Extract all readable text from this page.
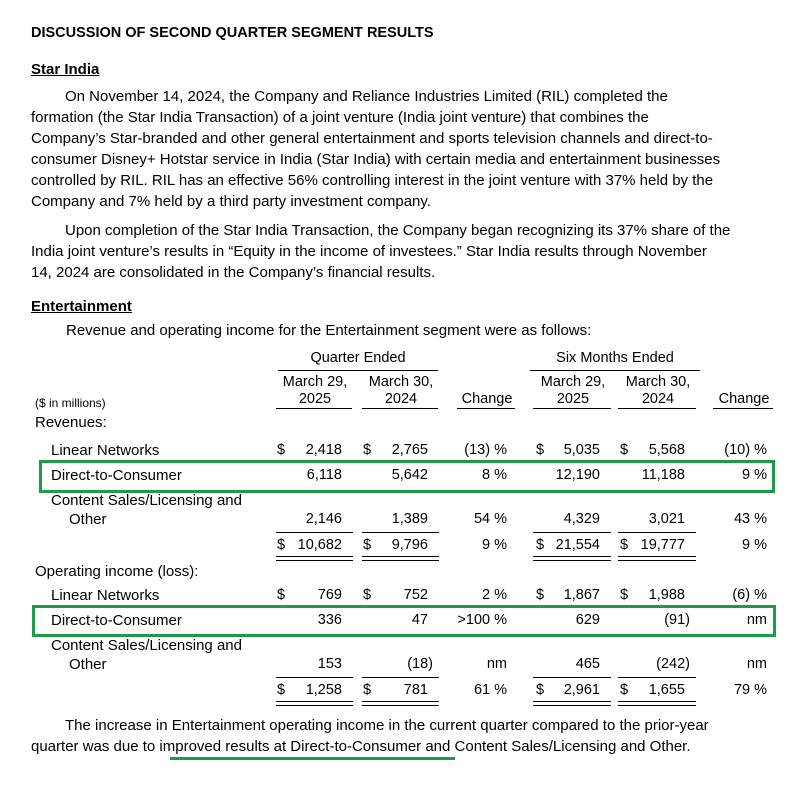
DISCUSSION OF SECOND QUARTER SEGMENT RESULTS
Star India
On November 14, 2024, the Company and Reliance Industries Limited (RIL) completed the
formation (the Star India Transaction) of a joint venture (India joint venture) that combines the
Company’s Star-branded and other general entertainment and sports television channels and direct-to-
consumer Disney+ Hotstar service in India (Star India) with certain media and entertainment businesses
controlled by RIL. RIL has an effective 56% controlling interest in the joint venture with 37% held by the
Company and 7% held by a third party investment company.
Upon completion of the Star India Transaction, the Company began recognizing its 37% share of the
India joint venture’s results in “Equity in the income of investees.” Star India results through November
14, 2024 are consolidated in the Company’s financial results.
Entertainment
Revenue and operating income for the Entertainment segment were as follows:
Quarter Ended	Six Months Ended
March 29,
2025
March 30,
2024	Change
March 29,
2025
March 30,
2024	Change
($ in millions)
Revenues:
Linear Networks	$	2,418 $	2,765	(13) % $	5,035 $	5,568	(10) %
Direct-to-Consumer	6,118	5,642	8 %	12,190	11,188	9 %
Content Sales/Licensing and
Other	2,146	1,389	54 %	4,329	3,021	43 %
$ 10,682 $	9,796	9 % $ 21,554 $ 19,777	9 %
Operating income (loss):
Linear Networks	$	769 $	752	2 % $	1,867 $	1,988	(6) %
Direct-to-Consumer	336	47	>100 %	629	(91)	nm
Content Sales/Licensing and
Other	153	(18)	nm	465	(242)	nm
$	1,258 $	781	61 % $	2,961 $	1,655	79 %
The increase in Entertainment operating income in the current quarter compared to the prior-year
quarter was due to improved results at Direct-to-Consumer and Content Sales/Licensing and Other.
